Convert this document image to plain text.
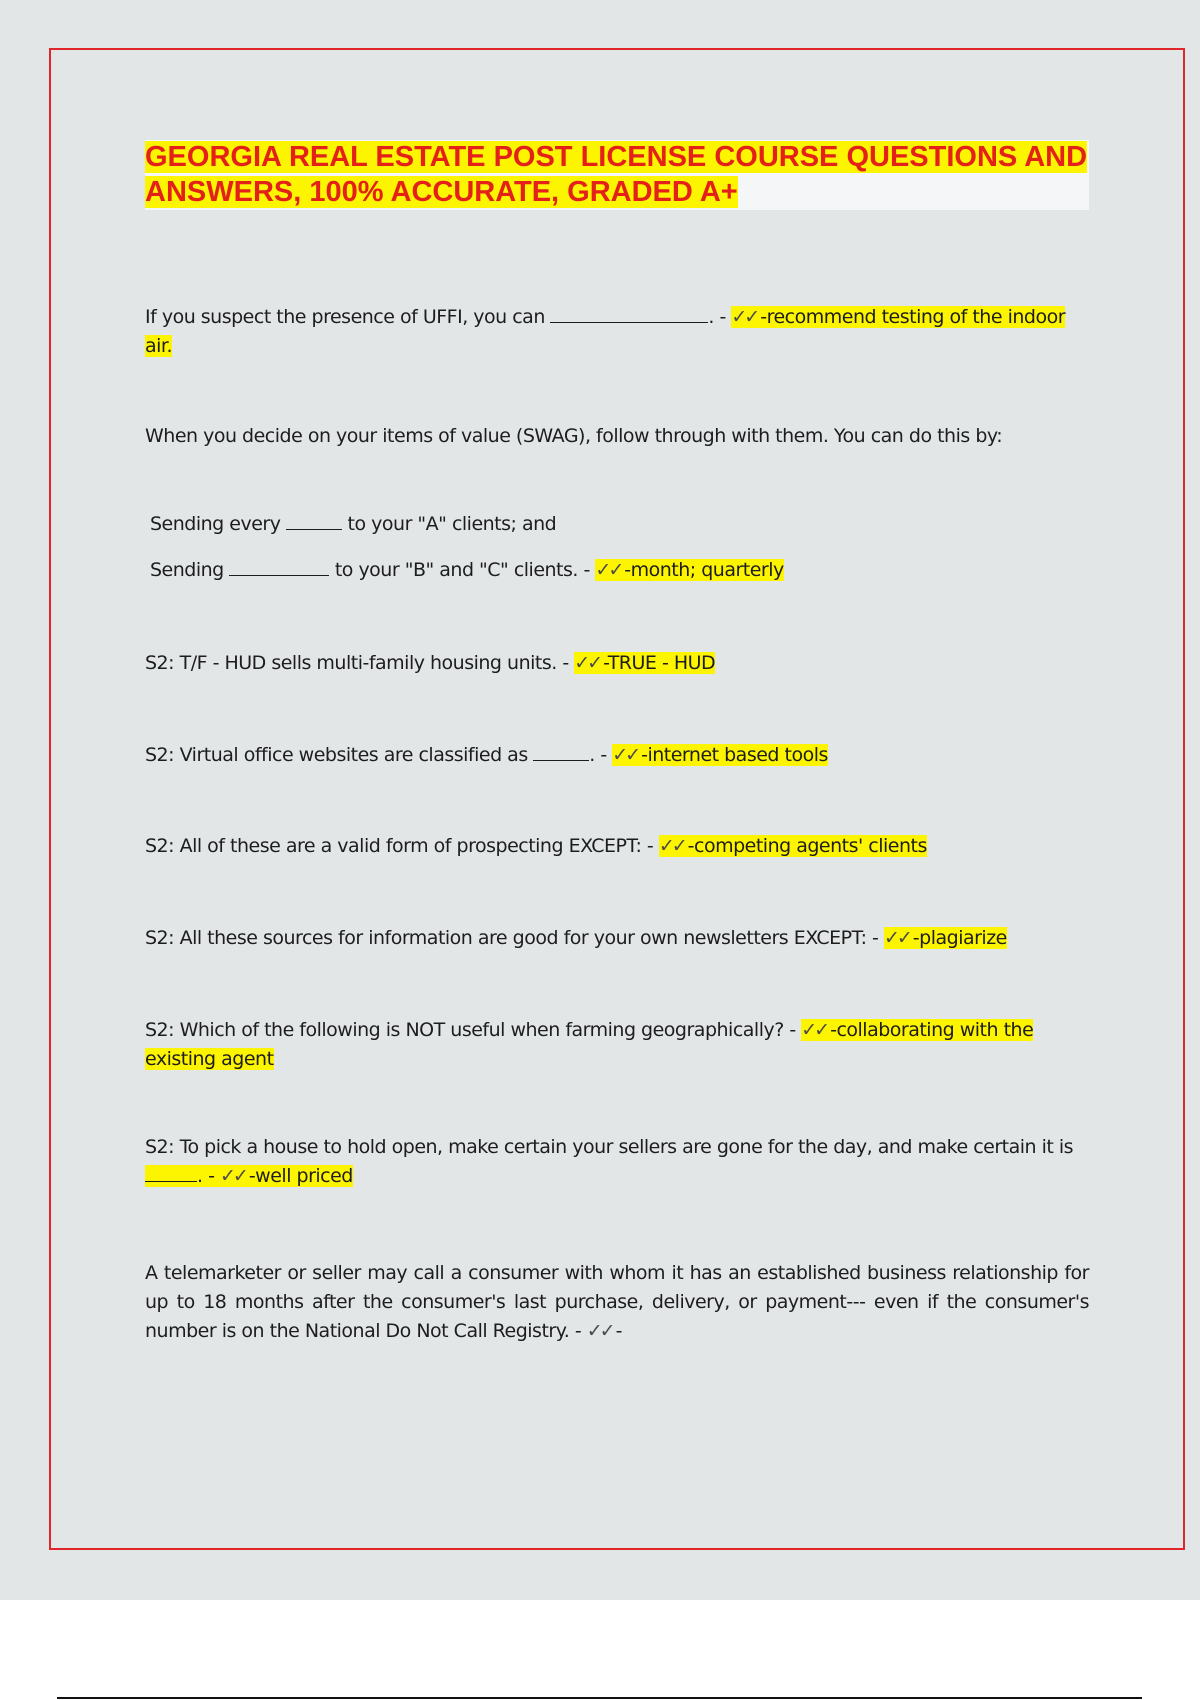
GEORGIA REAL ESTATE POST LICENSE COURSE QUESTIONS AND
ANSWERS, 100% ACCURATE, GRADED A+
If you suspect the presence of UFFI, you can	. - ✓✓ -recommend testing of the indoor
air.
When you decide on your items of value (SWAG), follow through with them. You can do this by:
Sending every	to your "A" clients; and
Sending	to your "B" and "C" clients. - ✓✓ -month; quarterly
S2: T/F - HUD sells multi-family housing units. - ✓✓ -TRUE - HUD
S2: Virtual office websites are classified as	. - ✓✓ -internet based tools
S2: All of these are a valid form of prospecting EXCEPT: - ✓✓ -competing agents' clients
S2: All these sources for information are good for your own newsletters EXCEPT: - ✓✓ -plagiarize
S2: Which of the following is NOT useful when farming geographically? - ✓✓ -collaborating with the
existing agent
S2: To pick a house to hold open, make certain your sellers are gone for the day, and make certain it is
. - ✓✓ -well priced
A telemarketer or seller may call a consumer with whom it has an established business relationship for up to 18 months after the consumer's last purchase, delivery, or payment--- even if the consumer's number is on the National Do Not Call Registry. - ✓✓ -
